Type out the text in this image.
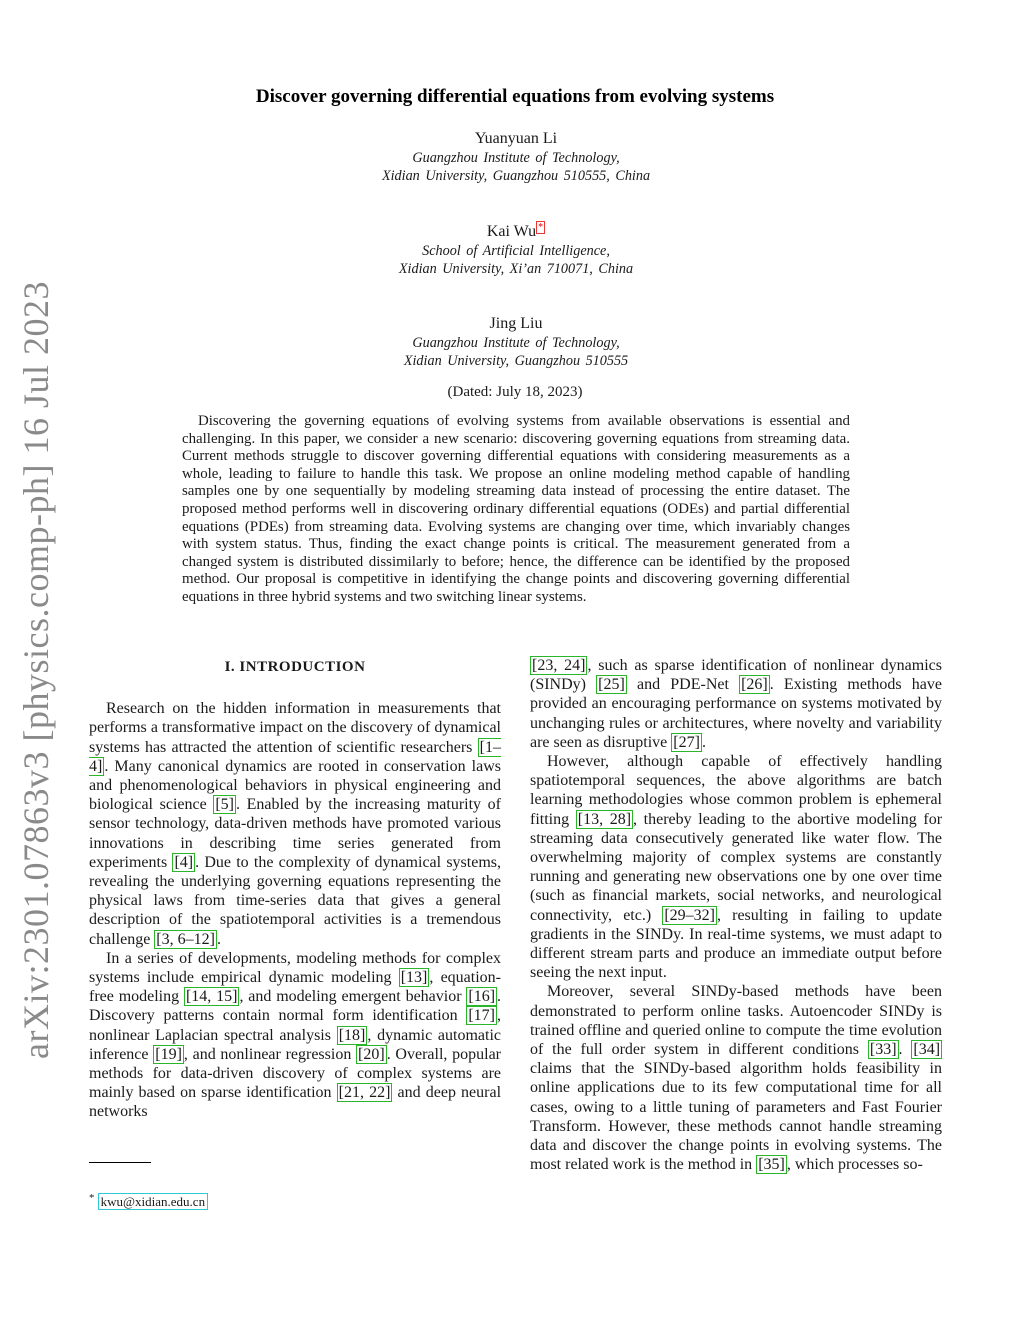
arXiv:2301.07863v3 [physics.comp-ph] 16 Jul 2023
Discover governing differential equations from evolving systems
Yuanyuan Li
Guangzhou Institute of Technology,
Xidian University, Guangzhou 510555, China
Kai Wu *
School of Artificial Intelligence,
Xidian University, Xi’an 710071, China
Jing Liu
Guangzhou Institute of Technology,
Xidian University, Guangzhou 510555
(Dated: July 18, 2023)
Discovering the governing equations of evolving systems from available observations is essential and challenging. In this paper, we consider a new scenario: discovering governing equations from streaming data. Current methods struggle to discover governing differential equations with considering measurements as a whole, leading to failure to handle this task. We propose an online modeling method capable of handling samples one by one sequentially by modeling streaming data instead of processing the entire dataset. The proposed method performs well in discovering ordinary differential equations (ODEs) and partial differential equations (PDEs) from streaming data. Evolving systems are changing over time, which invariably changes with system status. Thus, finding the exact change points is critical. The measurement generated from a changed system is distributed dissimilarly to before; hence, the difference can be identified by the proposed method. Our proposal is competitive in identifying the change points and discovering governing differential equations in three hybrid systems and two switching linear systems.
I. INTRODUCTION

Research on the hidden information in measurements that performs a transformative impact on the discovery of dynamical systems has attracted the attention of scientific researchers [1–4] . Many canonical dynamics are rooted in conservation laws and phenomenological behaviors in physical engineering and biological science [5] . Enabled by the increasing maturity of sensor technology, data-driven methods have promoted various innovations in describing time series generated from experiments [4] . Due to the complexity of dynamical systems, revealing the underlying governing equations representing the physical laws from time-series data that gives a general description of the spatiotemporal activities is a tremendous challenge [3, 6–12] .

In a series of developments, modeling methods for complex systems include empirical dynamic modeling [13] , equation-free modeling [14, 15] , and modeling emergent behavior [16] . Discovery patterns contain normal form identification [17] , nonlinear Laplacian spectral analysis [18] , dynamic automatic inference [19] , and nonlinear regression [20] . Overall, popular methods for data-driven discovery of complex systems are mainly based on sparse identification [21, 22] and deep neural networks

[23, 24] , such as sparse identification of nonlinear dynamics (SINDy) [25] and PDE-Net [26] . Existing methods have provided an encouraging performance on systems motivated by unchanging rules or architectures, where novelty and variability are seen as disruptive [27] .

However, although capable of effectively handling spatiotemporal sequences, the above algorithms are batch learning methodologies whose common problem is ephemeral fitting [13, 28] , thereby leading to the abortive modeling for streaming data consecutively generated like water flow. The overwhelming majority of complex systems are constantly running and generating new observations one by one over time (such as financial markets, social networks, and neurological connectivity, etc.) [29–32] , resulting in failing to update gradients in the SINDy. In real-time systems, we must adapt to different stream parts and produce an immediate output before seeing the next input.

Moreover, several SINDy-based methods have been demonstrated to perform online tasks. Autoencoder SINDy is trained offline and queried online to compute the time evolution of the full order system in different conditions [33] . [34] claims that the SINDy-based algorithm holds feasibility in online applications due to its few computational time for all cases, owing to a little tuning of parameters and Fast Fourier Transform. However, these methods cannot handle streaming data and discover the change points in evolving systems. The most related work is the method in [35] , which processes so-

* kwu@xidian.edu.cn
